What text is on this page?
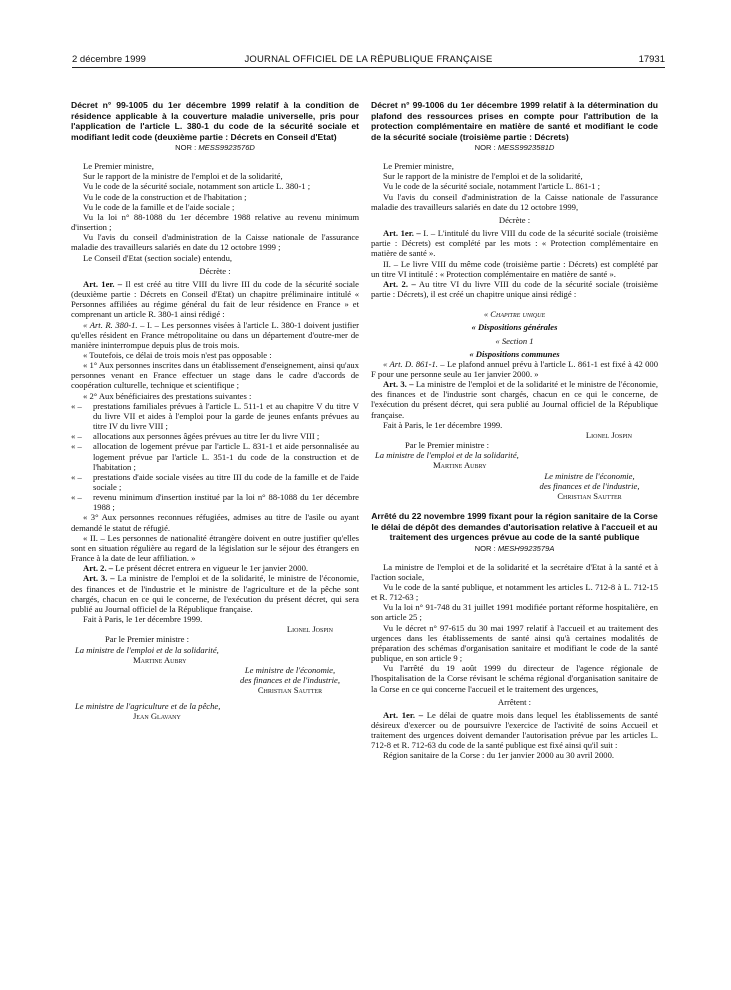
2 décembre 1999	JOURNAL OFFICIEL DE LA RÉPUBLIQUE FRANÇAISE	17931
Décret n° 99-1005 du 1er décembre 1999 relatif à la condition de résidence applicable à la couverture maladie universelle, pris pour l'application de l'article L. 380-1 du code de la sécurité sociale et modifiant ledit code (deuxième partie : Décrets en Conseil d'Etat)
NOR : MESS9923576D
Le Premier ministre,
Sur le rapport de la ministre de l'emploi et de la solidarité,
Vu le code de la sécurité sociale, notamment son article L. 380-1 ;
Vu le code de la construction et de l'habitation ;
Vu le code de la famille et de l'aide sociale ;
Vu la loi n° 88-1088 du 1er décembre 1988 relative au revenu minimum d'insertion ;
Vu l'avis du conseil d'administration de la Caisse nationale de l'assurance maladie des travailleurs salariés en date du 12 octobre 1999 ;
Le Conseil d'Etat (section sociale) entendu,
Décrète :
Art. 1er. – Il est créé au titre VIII du livre III du code de la sécurité sociale (deuxième partie : Décrets en Conseil d'Etat) un chapitre préliminaire intitulé « Personnes affiliées au régime général du fait de leur résidence en France » et comprenant un article R. 380-1 ainsi rédigé :
« Art. R. 380-1. – I. – Les personnes visées à l'article L. 380-1 doivent justifier qu'elles résident en France métropolitaine ou dans un département d'outre-mer de manière ininterrompue depuis plus de trois mois.
« Toutefois, ce délai de trois mois n'est pas opposable :
« 1° Aux personnes inscrites dans un établissement d'enseignement, ainsi qu'aux personnes venant en France effectuer un stage dans le cadre d'accords de coopération culturelle, technique et scientifique ;
« 2° Aux bénéficiaires des prestations suivantes :
« – prestations familiales prévues à l'article L. 511-1 et au chapitre V du titre V du livre VII et aides à l'emploi pour la garde de jeunes enfants prévues au titre IV du livre VIII ;
« – allocations aux personnes âgées prévues au titre Ier du livre VIII ;
« – allocation de logement prévue par l'article L. 831-1 et aide personnalisée au logement prévue par l'article L. 351-1 du code de la construction et de l'habitation ;
« – prestations d'aide sociale visées au titre III du code de la famille et de l'aide sociale ;
« – revenu minimum d'insertion institué par la loi n° 88-1088 du 1er décembre 1988 ;
« 3° Aux personnes reconnues réfugiées, admises au titre de l'asile ou ayant demandé le statut de réfugié.
« II. – Les personnes de nationalité étrangère doivent en outre justifier qu'elles sont en situation régulière au regard de la législation sur le séjour des étrangers en France à la date de leur affiliation. »
Art. 2. – Le présent décret entrera en vigueur le 1er janvier 2000.
Art. 3. – La ministre de l'emploi et de la solidarité, le ministre de l'économie, des finances et de l'industrie et le ministre de l'agriculture et de la pêche sont chargés, chacun en ce qui le concerne, de l'exécution du présent décret, qui sera publié au Journal officiel de la République française.
Fait à Paris, le 1er décembre 1999.
Lionel Jospin
Par le Premier ministre :
La ministre de l'emploi et de la solidarité,
Martine Aubry
Le ministre de l'économie,
des finances et de l'industrie,
Christian Sautter
Le ministre de l'agriculture et de la pêche,
Jean Glavany
Décret n° 99-1006 du 1er décembre 1999 relatif à la détermination du plafond des ressources prises en compte pour l'attribution de la protection complémentaire en matière de santé et modifiant le code de la sécurité sociale (troisième partie : Décrets)
NOR : MESS9923581D
Le Premier ministre,
Sur le rapport de la ministre de l'emploi et de la solidarité,
Vu le code de la sécurité sociale, notamment l'article L. 861-1 ;
Vu l'avis du conseil d'administration de la Caisse nationale de l'assurance maladie des travailleurs salariés en date du 12 octobre 1999,
Décrète :
Art. 1er. – I. – L'intitulé du livre VIII du code de la sécurité sociale (troisième partie : Décrets) est complété par les mots : « Protection complémentaire en matière de santé ».
II. – Le livre VIII du même code (troisième partie : Décrets) est complété par un titre VI intitulé : « Protection complémentaire en matière de santé ».
Art. 2. – Au titre VI du livre VIII du code de la sécurité sociale (troisième partie : Décrets), il est créé un chapitre unique ainsi rédigé :
« Chapitre unique
« Dispositions générales
« Section 1
« Dispositions communes
« Art. D. 861-1. – Le plafond annuel prévu à l'article L. 861-1 est fixé à 42 000 F pour une personne seule au 1er janvier 2000. »
Art. 3. – La ministre de l'emploi et de la solidarité et le ministre de l'économie, des finances et de l'industrie sont chargés, chacun en ce qui le concerne, de l'exécution du présent décret, qui sera publié au Journal officiel de la République française.
Fait à Paris, le 1er décembre 1999.
Lionel Jospin
Par le Premier ministre :
La ministre de l'emploi et de la solidarité,
Martine Aubry
Le ministre de l'économie,
des finances et de l'industrie,
Christian Sautter
Arrêté du 22 novembre 1999 fixant pour la région sanitaire de la Corse le délai de dépôt des demandes d'autorisation relative à l'accueil et au traitement des urgences prévue au code de la santé publique
NOR : MESH9923579A
La ministre de l'emploi et de la solidarité et la secrétaire d'Etat à la santé et à l'action sociale,
Vu le code de la santé publique, et notamment les articles L. 712-8 à L. 712-15 et R. 712-63 ;
Vu la loi n° 91-748 du 31 juillet 1991 modifiée portant réforme hospitalière, en son article 25 ;
Vu le décret n° 97-615 du 30 mai 1997 relatif à l'accueil et au traitement des urgences dans les établissements de santé ainsi qu'à certaines modalités de préparation des schémas d'organisation sanitaire et modifiant le code de la santé publique, en son article 9 ;
Vu l'arrêté du 19 août 1999 du directeur de l'agence régionale de l'hospitalisation de la Corse révisant le schéma régional d'organisation sanitaire de la Corse en ce qui concerne l'accueil et le traitement des urgences,
Arrêtent :
Art. 1er. – Le délai de quatre mois dans lequel les établissements de santé désireux d'exercer ou de poursuivre l'exercice de l'activité de soins Accueil et traitement des urgences doivent demander l'autorisation prévue par les articles L. 712-8 et R. 712-63 du code de la santé publique est fixé ainsi qu'il suit :
Région sanitaire de la Corse : du 1er janvier 2000 au 30 avril 2000.
